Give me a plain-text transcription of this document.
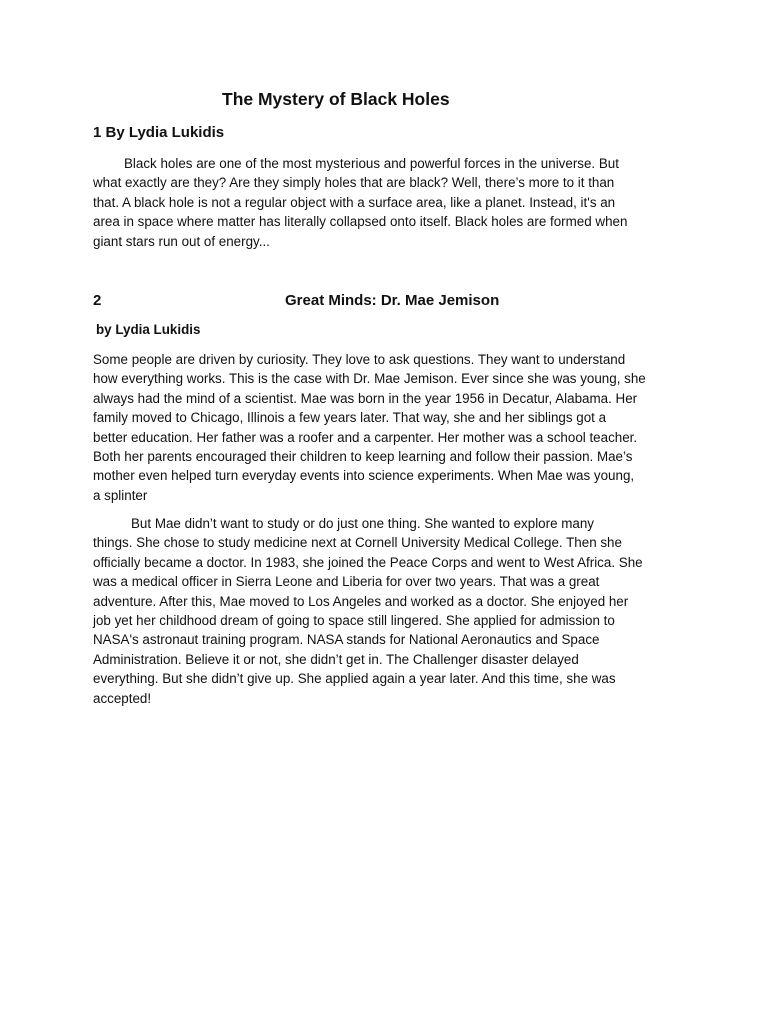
The Mystery of Black Holes
1 By Lydia Lukidis

Black holes are one of the most mysterious and powerful forces in the universe. But
what exactly are they? Are they simply holes that are black? Well, there’s more to it than
that. A black hole is not a regular object with a surface area, like a planet. Instead, it's an
area in space where matter has literally collapsed onto itself. Black holes are formed when
giant stars run out of energy...

2	Great Minds: Dr. Mae Jemison
by Lydia Lukidis

Some people are driven by curiosity. They love to ask questions. They want to understand
how everything works. This is the case with Dr. Mae Jemison. Ever since she was young, she
always had the mind of a scientist. Mae was born in the year 1956 in Decatur, Alabama. Her
family moved to Chicago, Illinois a few years later. That way, she and her siblings got a
better education. Her father was a roofer and a carpenter. Her mother was a school teacher.
Both her parents encouraged their children to keep learning and follow their passion. Mae’s
mother even helped turn everyday events into science experiments. When Mae was young,
a splinter

But Mae didn’t want to study or do just one thing. She wanted to explore many
things. She chose to study medicine next at Cornell University Medical College. Then she
officially became a doctor. In 1983, she joined the Peace Corps and went to West Africa. She
was a medical officer in Sierra Leone and Liberia for over two years. That was a great
adventure. After this, Mae moved to Los Angeles and worked as a doctor. She enjoyed her
job yet her childhood dream of going to space still lingered. She applied for admission to
NASA's astronaut training program. NASA stands for National Aeronautics and Space
Administration. Believe it or not, she didn’t get in. The Challenger disaster delayed
everything. But she didn’t give up. She applied again a year later. And this time, she was
accepted!
